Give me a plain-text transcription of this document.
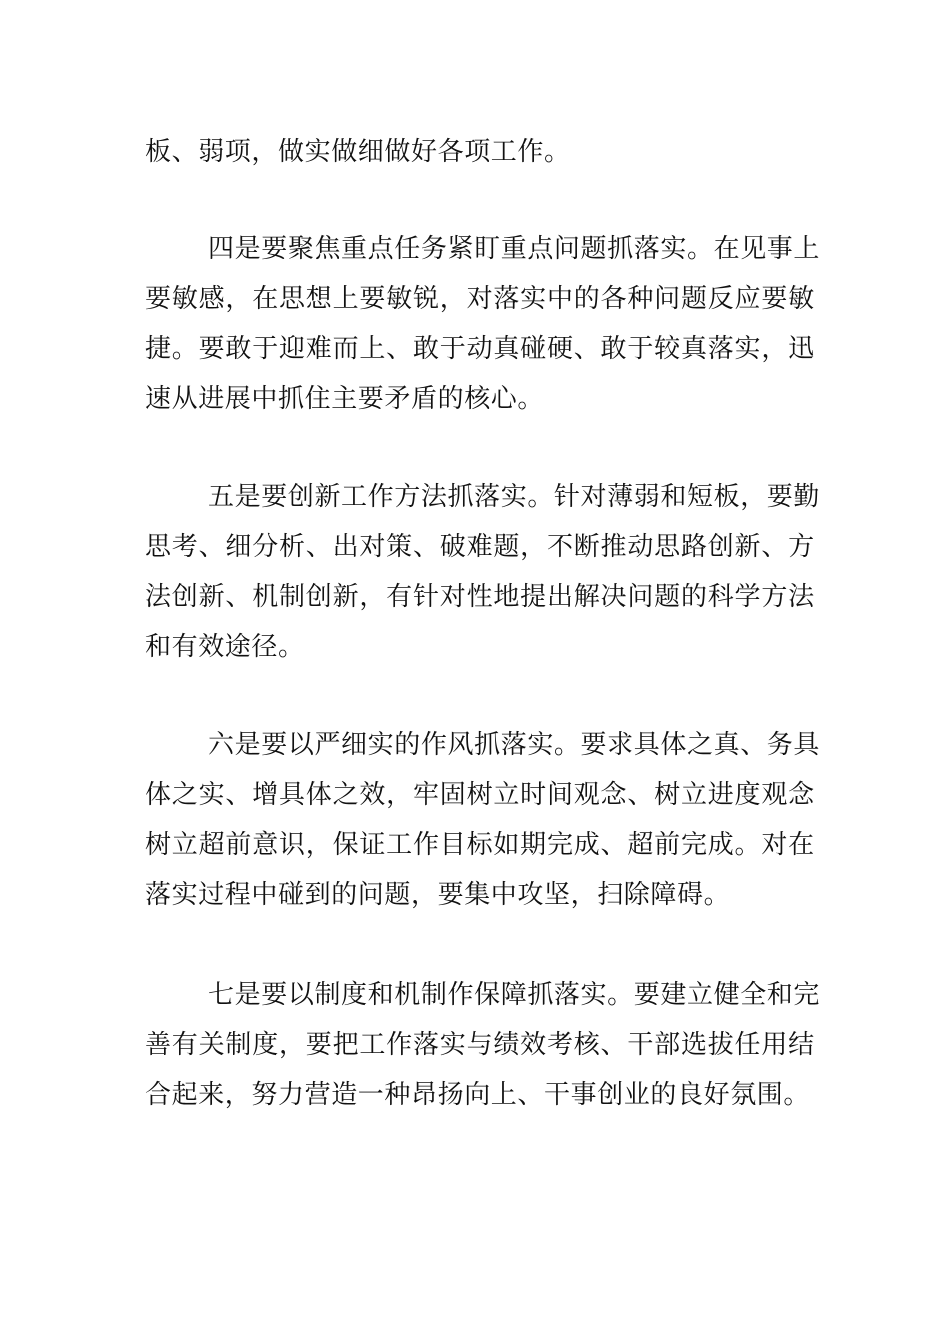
板、弱项，做实做细做好各项工作。
四 是 要 聚 焦 重 点 任 务 紧 盯 重 点 问 题 抓 落 实 。 在 见 事 上
要 敏 感 ， 在 思 想 上 要 敏 锐 ， 对 落 实 中 的 各 种 问 题 反 应 要 敏
捷 。 要 敢 于 迎 难 而 上 、 敢 于 动 真 碰 硬 、 敢 于 较 真 落 实 ， 迅
速从进展中抓住主要矛盾的核心。
五 是 要 创 新 工 作 方 法 抓 落 实 。 针 对 薄 弱 和 短 板 ， 要 勤
思 考 、 细 分 析 、 出 对 策 、 破 难 题 ， 不 断 推 动 思 路 创 新 、 方
法 创 新 、 机 制 创 新 ， 有 针 对 性 地 提 出 解 决 问 题 的 科 学 方 法
和有效途径。
六 是 要 以 严 细 实 的 作 风 抓 落 实 。 要 求 具 体 之 真 、 务 具
体 之 实 、 增 具 体 之 效 ， 牢 固 树 立 时 间 观 念 、 树 立 进 度 观 念
树 立 超 前 意 识 ， 保 证 工 作 目 标 如 期 完 成 、 超 前 完 成 。 对 在
落实过程中碰到的问题，要集中攻坚，扫除障碍。
七 是 要 以 制 度 和 机 制 作 保 障 抓 落 实 。 要 建 立 健 全 和 完
善 有 关 制 度 ， 要 把 工 作 落 实 与 绩 效 考 核 、 干 部 选 拔 任 用 结
合起来，努力营造一种昂扬向上、干事创业的良好氛围。
